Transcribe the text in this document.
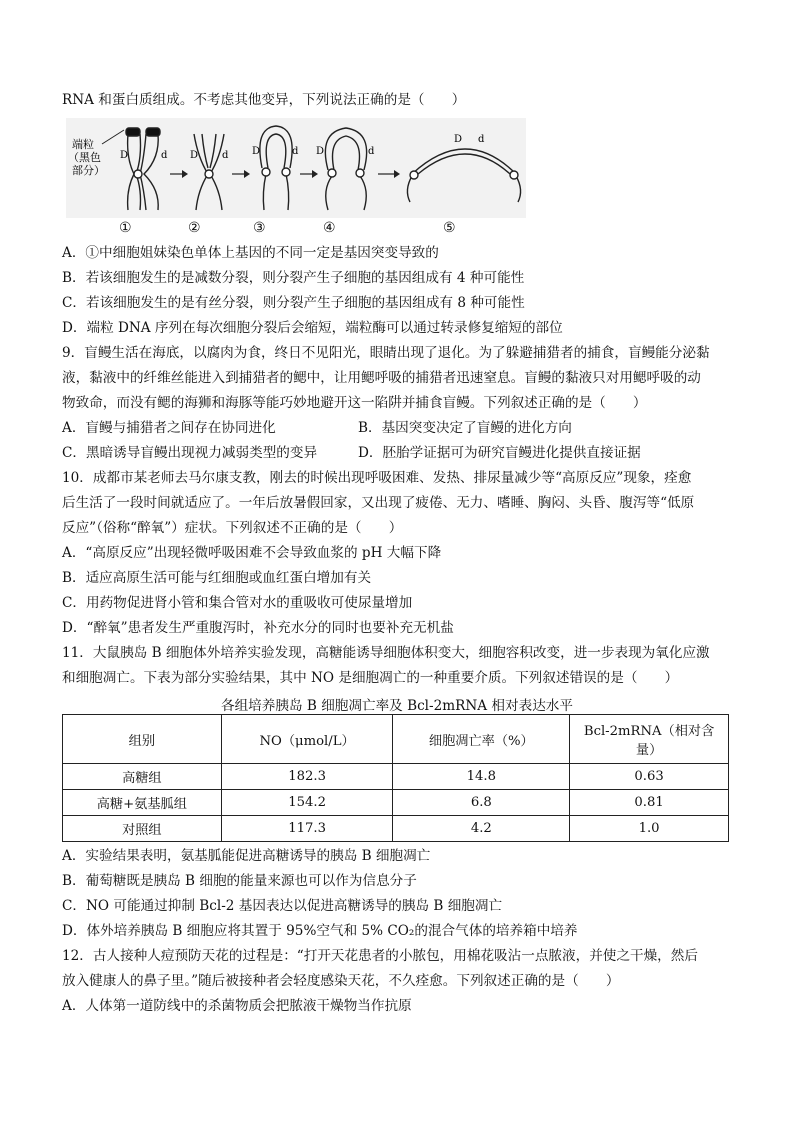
RNA 和蛋白质组成。不考虑其他变异，下列说法正确的是（　　）
端粒
（黑色
部分）
D	d D d D	d D	d
D d
①	②	③	④	⑤
A．①中细胞姐妹染色单体上基因的不同一定是基因突变导致的
B．若该细胞发生的是减数分裂，则分裂产生子细胞的基因组成有 4 种可能性
C．若该细胞发生的是有丝分裂，则分裂产生子细胞的基因组成有 8 种可能性
D．端粒 DNA 序列在每次细胞分裂后会缩短，端粒酶可以通过转录修复缩短的部位
9．盲鳗生活在海底，以腐肉为食，终日不见阳光，眼睛出现了退化。为了躲避捕猎者的捕食，盲鳗能分泌黏
液，黏液中的纤维丝能进入到捕猎者的鳃中，让用鳃呼吸的捕猎者迅速窒息。盲鳗的黏液只对用鳃呼吸的动
物致命，而没有鳃的海狮和海豚等能巧妙地避开这一陷阱并捕食盲鳗。下列叙述正确的是（　　）
A．盲鳗与捕猎者之间存在协同进化	B．基因突变决定了盲鳗的进化方向
C．黑暗诱导盲鳗出现视力减弱类型的变异	D．胚胎学证据可为研究盲鳗进化提供直接证据
10．成都市某老师去马尔康支教，刚去的时候出现呼吸困难、发热、排尿量减少等“高原反应”现象，痊愈
后生活了一段时间就适应了。一年后放暑假回家，又出现了疲倦、无力、嗜睡、胸闷、头昏、腹泻等“低原
反应”（俗称“醉氧”）症状。下列叙述不正确的是（　　）
A．“高原反应”出现轻微呼吸困难不会导致血浆的 pH 大幅下降
B．适应高原生活可能与红细胞或血红蛋白增加有关
C．用药物促进肾小管和集合管对水的重吸收可使尿量增加
D．“醉氧”患者发生严重腹泻时，补充水分的同时也要补充无机盐
11．大鼠胰岛 B 细胞体外培养实验发现，高糖能诱导细胞体积变大，细胞容积改变，进一步表现为氧化应激
和细胞凋亡。下表为部分实验结果，其中 NO 是细胞凋亡的一种重要介质。下列叙述错误的是（　　）
各组培养胰岛 B 细胞凋亡率及 Bcl-2mRNA 相对表达水平
组别	NO（μmol/L）	细胞凋亡率（%）	Bcl-2mRNA（相对含量）
高糖组	182.3	14.8	0.63
高糖+氨基胍组	154.2	6.8	0.81
对照组	117.3	4.2	1.0
A．实验结果表明，氨基胍能促进高糖诱导的胰岛 B 细胞凋亡
B．葡萄糖既是胰岛 B 细胞的能量来源也可以作为信息分子
C．NO 可能通过抑制 Bcl-2 基因表达以促进高糖诱导的胰岛 B 细胞凋亡
D．体外培养胰岛 B 细胞应将其置于 95%空气和 5% CO₂的混合气体的培养箱中培养
12．古人接种人痘预防天花的过程是：“打开天花患者的小脓包，用棉花吸沾一点脓液，并使之干燥，然后
放入健康人的鼻子里。”随后被接种者会轻度感染天花，不久痊愈。下列叙述正确的是（　　）
A．人体第一道防线中的杀菌物质会把脓液干燥物当作抗原
